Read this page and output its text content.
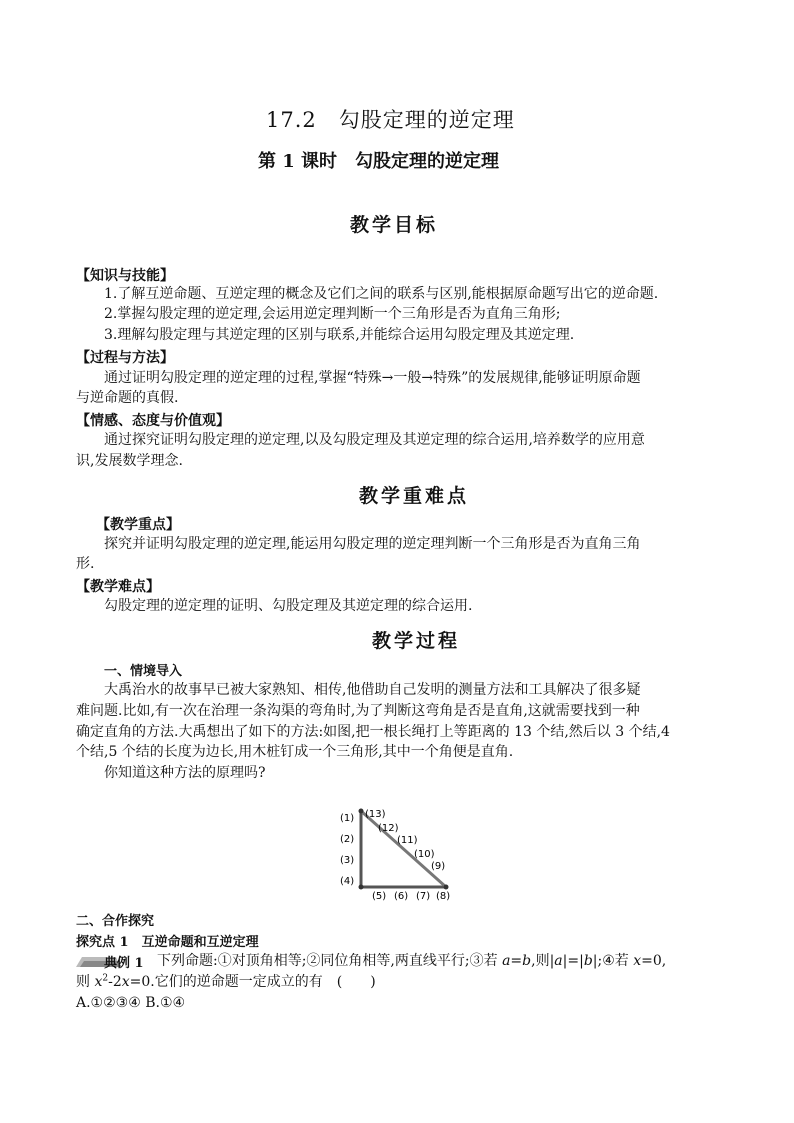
17.2　勾股定理的逆定理
第 1 课时　勾股定理的逆定理
教学目标
【知识与技能】
1.了解互逆命题、互逆定理的概念及它们之间的联系与区别,能根据原命题写出它的逆命题.
2.掌握勾股定理的逆定理,会运用逆定理判断一个三角形是否为直角三角形;
3.理解勾股定理与其逆定理的区别与联系,并能综合运用勾股定理及其逆定理.
【过程与方法】
通过证明勾股定理的逆定理的过程,掌握“特殊→一般→特殊”的发展规律,能够证明原命题
与逆命题的真假.
【情感、态度与价值观】
通过探究证明勾股定理的逆定理,以及勾股定理及其逆定理的综合运用,培养数学的应用意
识,发展数学理念.
教学重难点
【教学重点】
探究并证明勾股定理的逆定理,能运用勾股定理的逆定理判断一个三角形是否为直角三角
形.
【教学难点】
勾股定理的逆定理的证明、勾股定理及其逆定理的综合运用.
教学过程
一、情境导入
大禹治水的故事早已被大家熟知、相传,他借助自己发明的测量方法和工具解决了很多疑
难问题.比如,有一次在治理一条沟渠的弯角时,为了判断这弯角是否是直角,这就需要找到一种
确定直角的方法.大禹想出了如下的方法:如图,把一根长绳打上等距离的 13 个结,然后以 3 个结,4
个结,5 个结的长度为边长,用木桩钉成一个三角形,其中一个角便是直角.
你知道这种方法的原理吗?
(1)
(2)
(3)
(4)
(5) (6) (7) (8)
(13)
(12)
(11)
(10)
(9)
二、合作探究
探究点 1　互逆命题和互逆定理
典例 1 下列命题:①对顶角相等;②同位角相等,两直线平行;③若 a=b,则|a|=|b|;④若 x=0,
则 $x^2-2x=0$.它们的逆命题一定成立的有　(　　)
A.①②③④ B.①④
